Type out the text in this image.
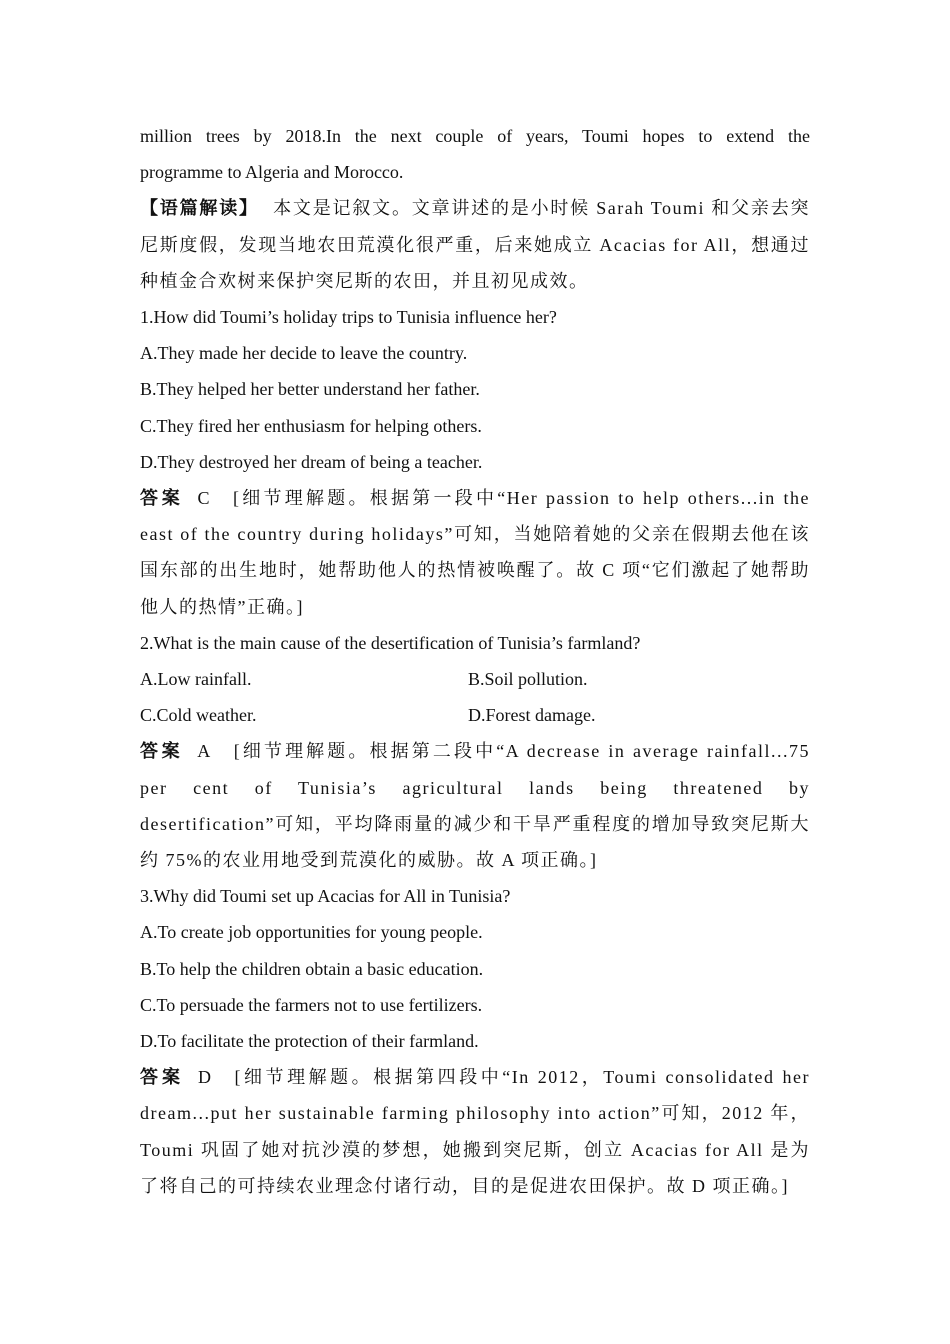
million trees by 2018.In the next couple of years, Toumi hopes to extend the

programme to Algeria and Morocco.

【语篇解读】 本文是记叙文。文章讲述的是小时候 Sarah Toumi 和父亲去突尼斯度假，发现当地农田荒漠化很严重，后来她成立 Acacias for All，想通过种植金合欢树来保护突尼斯的农田，并且初见成效。

1.How did Toumi’s holiday trips to Tunisia influence her?

A.They made her decide to leave the country.

B.They helped her better understand her father.

C.They fired her enthusiasm for helping others.

D.They destroyed her dream of being a teacher.

答案 C [细节理解题。根据第一段中“Her passion to help others...in the east of the country during holidays”可知，当她陪着她的父亲在假期去他在该国东部的出生地时，她帮助他人的热情被唤醒了。故 C 项“它们激起了她帮助他人的热情”正确。]

2.What is the main cause of the desertification of Tunisia’s farmland?

A.Low rainfall.	B.Soil pollution.
C.Cold weather.	D.Forest damage.

答案 A [细节理解题。根据第二段中“A decrease in average rainfall...75 per cent of Tunisia’s agricultural lands being threatened by desertification”可知，平均降雨量的减少和干旱严重程度的增加导致突尼斯大约 75%的农业用地受到荒漠化的威胁。故 A 项正确。]

3.Why did Toumi set up Acacias for All in Tunisia?

A.To create job opportunities for young people.

B.To help the children obtain a basic education.

C.To persuade the farmers not to use fertilizers.

D.To facilitate the protection of their farmland.

答案 D [细节理解题。根据第四段中“In 2012，Toumi consolidated her dream...put her sustainable farming philosophy into action”可知，2012 年，Toumi 巩固了她对抗沙漠的梦想，她搬到突尼斯，创立 Acacias for All 是为了将自己的可持续农业理念付诸行动，目的是促进农田保护。故 D 项正确。]
